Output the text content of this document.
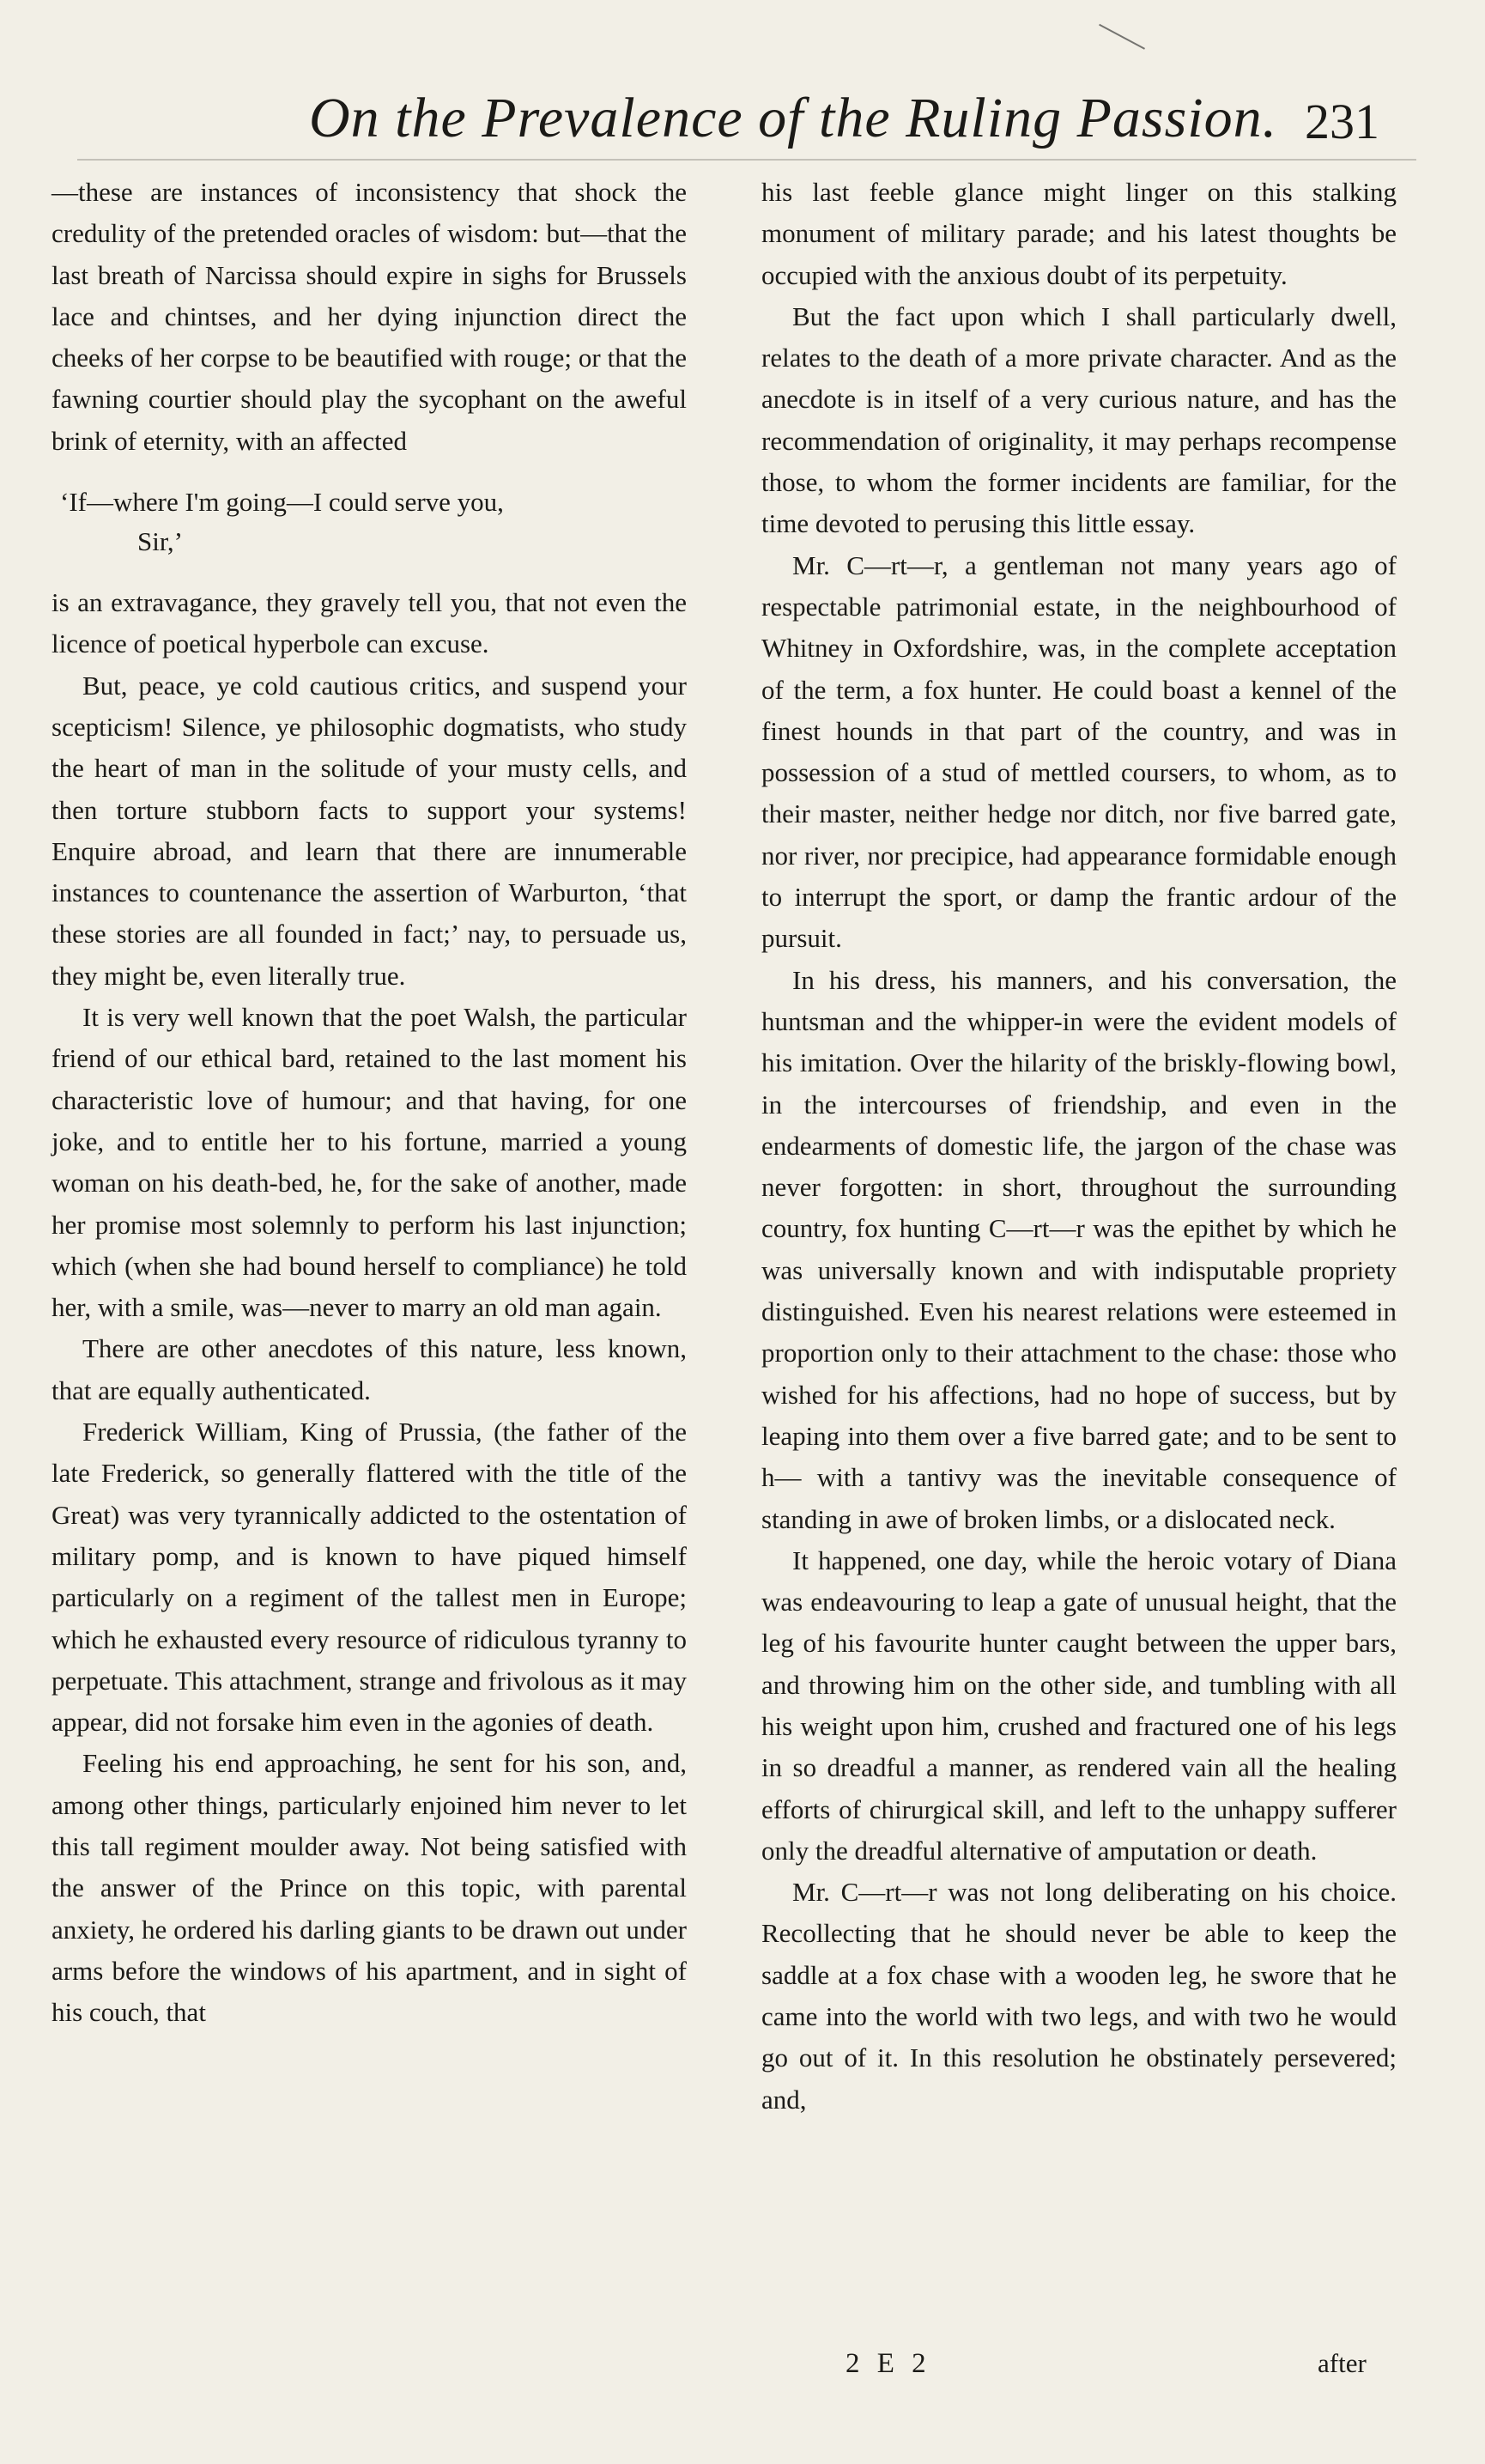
On the Prevalence of the Ruling Passion. 231

—these are instances of inconsistency that shock the credulity of the pretended oracles of wisdom: but—that the last breath of Narcissa should expire in sighs for Brussels lace and chintses, and her dying injunction direct the cheeks of her corpse to be beautified with rouge; or that the fawning courtier should play the sycophant on the aweful brink of eternity, with an affected

‘If—where I'm going—I could serve you,
Sir,’

is an extravagance, they gravely tell you, that not even the licence of poetical hyperbole can excuse.

But, peace, ye cold cautious critics, and suspend your scepticism! Silence, ye philosophic dogmatists, who study the heart of man in the solitude of your musty cells, and then torture stubborn facts to support your systems! Enquire abroad, and learn that there are innumerable instances to countenance the assertion of Warburton, ‘that these stories are all founded in fact;’ nay, to persuade us, they might be, even literally true.

It is very well known that the poet Walsh, the particular friend of our ethical bard, retained to the last moment his characteristic love of humour; and that having, for one joke, and to entitle her to his fortune, married a young woman on his death-bed, he, for the sake of another, made her promise most solemnly to perform his last injunction; which (when she had bound herself to compliance) he told her, with a smile, was—never to marry an old man again.

There are other anecdotes of this nature, less known, that are equally authenticated.

Frederick William, King of Prussia, (the father of the late Frederick, so generally flattered with the title of the Great) was very tyrannically addicted to the ostentation of military pomp, and is known to have piqued himself particularly on a regiment of the tallest men in Europe; which he exhausted every resource of ridiculous tyranny to perpetuate. This attachment, strange and frivolous as it may appear, did not forsake him even in the agonies of death.

Feeling his end approaching, he sent for his son, and, among other things, particularly enjoined him never to let this tall regiment moulder away. Not being satisfied with the answer of the Prince on this topic, with parental anxiety, he ordered his darling giants to be drawn out under arms before the windows of his apartment, and in sight of his couch, that

his last feeble glance might linger on this stalking monument of military parade; and his latest thoughts be occupied with the anxious doubt of its perpetuity.

But the fact upon which I shall particularly dwell, relates to the death of a more private character. And as the anecdote is in itself of a very curious nature, and has the recommendation of originality, it may perhaps recompense those, to whom the former incidents are familiar, for the time devoted to perusing this little essay.

Mr. C—rt—r, a gentleman not many years ago of respectable patrimonial estate, in the neighbourhood of Whitney in Oxfordshire, was, in the complete acceptation of the term, a fox hunter. He could boast a kennel of the finest hounds in that part of the country, and was in possession of a stud of mettled coursers, to whom, as to their master, neither hedge nor ditch, nor five barred gate, nor river, nor precipice, had appearance formidable enough to interrupt the sport, or damp the frantic ardour of the pursuit.

In his dress, his manners, and his conversation, the huntsman and the whipper-in were the evident models of his imitation. Over the hilarity of the briskly-flowing bowl, in the intercourses of friendship, and even in the endearments of domestic life, the jargon of the chase was never forgotten: in short, throughout the surrounding country, fox hunting C—rt—r was the epithet by which he was universally known and with indisputable propriety distinguished. Even his nearest relations were esteemed in proportion only to their attachment to the chase: those who wished for his affections, had no hope of success, but by leaping into them over a five barred gate; and to be sent to h— with a tantivy was the inevitable consequence of standing in awe of broken limbs, or a dislocated neck.

It happened, one day, while the heroic votary of Diana was endeavouring to leap a gate of unusual height, that the leg of his favourite hunter caught between the upper bars, and throwing him on the other side, and tumbling with all his weight upon him, crushed and fractured one of his legs in so dreadful a manner, as rendered vain all the healing efforts of chirurgical skill, and left to the unhappy sufferer only the dreadful alternative of amputation or death.

Mr. C—rt—r was not long deliberating on his choice. Recollecting that he should never be able to keep the saddle at a fox chase with a wooden leg, he swore that he came into the world with two legs, and with two he would go out of it. In this resolution he obstinately persevered; and,

2 E 2	after
